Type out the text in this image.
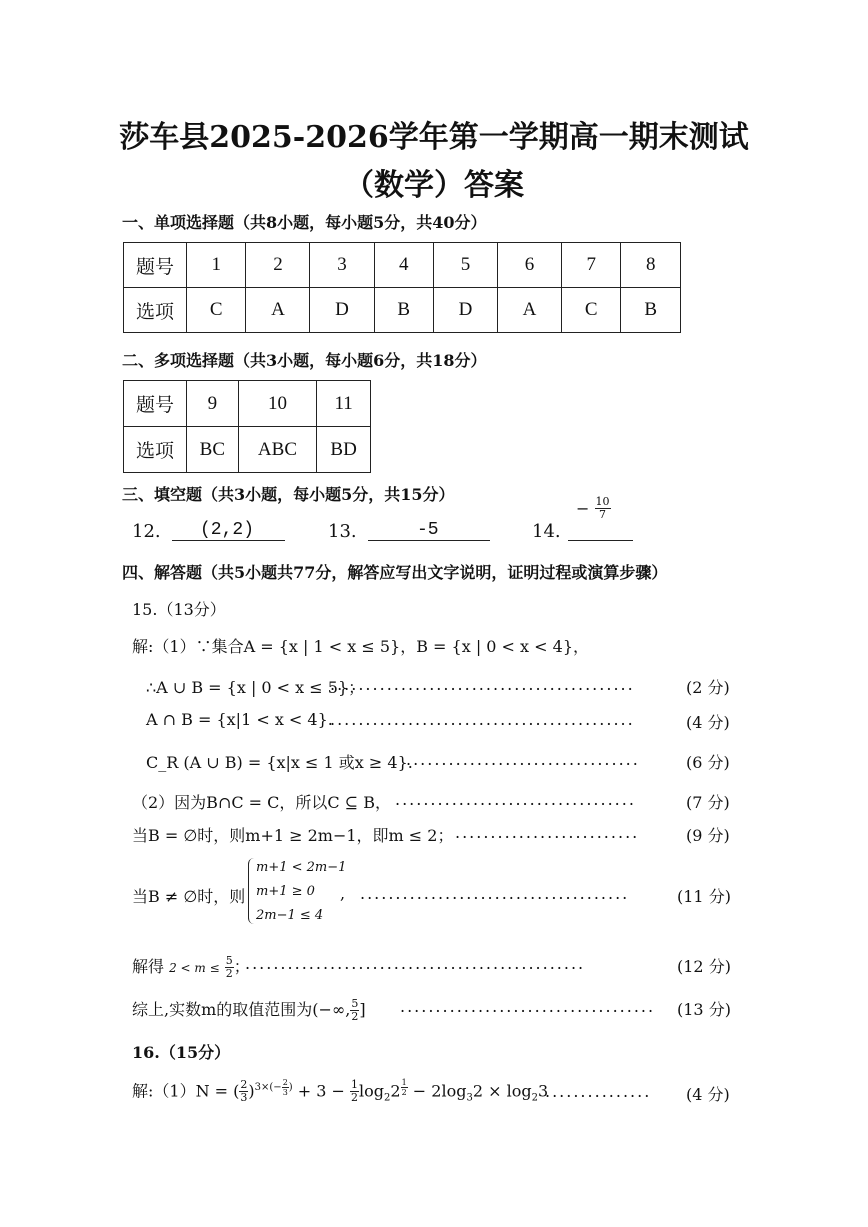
莎车县2025-2026学年第一学期高一期末测试
（数学）答案
一、单项选择题（共8小题，每小题5分，共40分）
题号	1	2	3	4	5	6	7	8
选项	C	A	D	B	D	A	C	B
二、多项选择题（共3小题，每小题6分，共18分）
题号	9	10	11
选项	BC	ABC	BD
三、填空题（共3小题，每小题5分，共15分）
12. (2,2)	13.	-5	14.
− $\frac{10}{7}$
四、解答题（共5小题共77分，解答应写出文字说明，证明过程或演算步骤）
15.（13分）
解:（1）∵集合A = {x | 1 < x ≤ 5}，B = {x | 0 < x < 4}，
∴A ∪ B = {x | 0 < x ≤ 5}；
...........................................	(2 分)
A ∩ B = {x|1 < x < 4}.
...........................................	(4 分)
C_R (A ∪ B) = {x|x ≤ 1 或x ≥ 4}.
.................................	(6 分)
（2）因为B∩C = C，所以C ⊆ B， ..................................	(7 分)
当B = ∅时，则m+1 ≥ 2m−1，即m ≤ 2； ..........................	(9 分)
当B ≠ ∅时，则
m+1 < 2m−1
m+1 ≥ 0
2m−1 ≤ 4
, ......................................	(11 分)
解得 $2 < m \le \frac{5}{2}$ ；
................................................	(12 分)
综上,实数m的取值范围为(−∞, $\frac{5}{2}$ ] .................................... (13 分)
16.（15分）
解:（1）N = ( $\frac{2}{3} )^{3\times(- \frac{2}{3} )} + 3 - \frac{1}{2} \log_22$ $^{\frac{1}{2}} - 2\log_32 \times \log_23$
............... (4 分)
